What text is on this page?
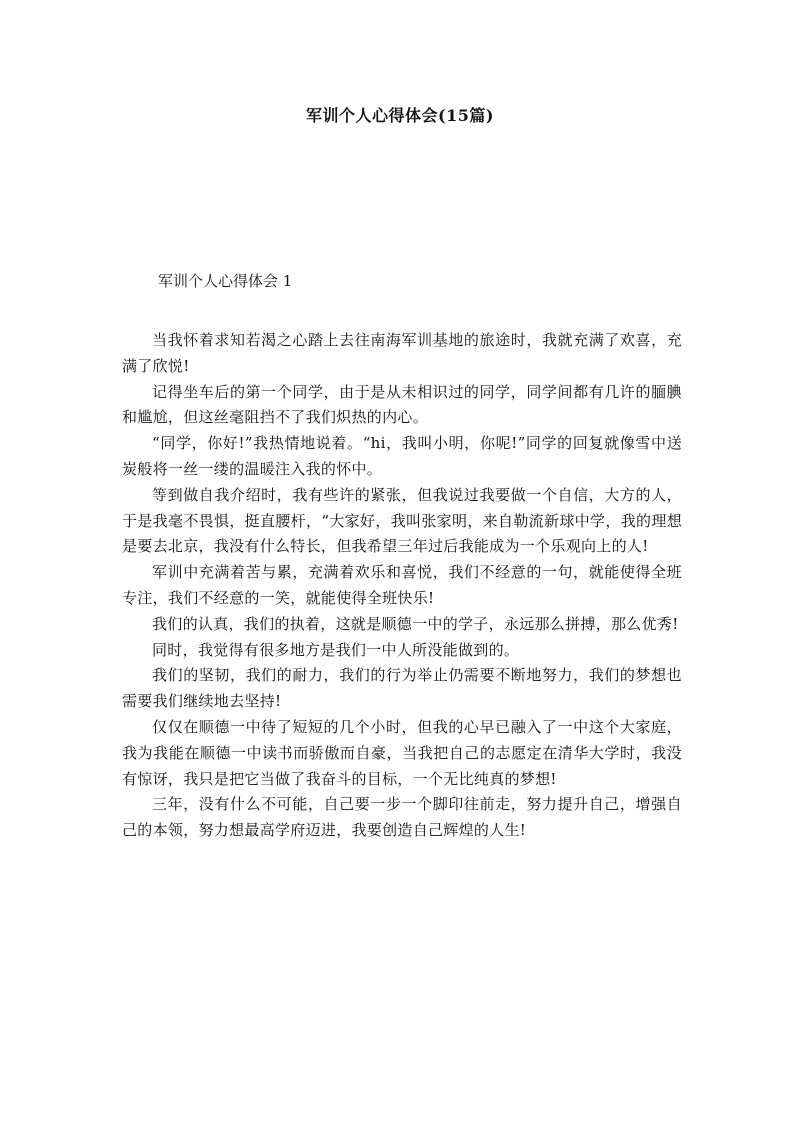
军训个人心得体会(15篇)
军训个人心得体会 1

当我怀着求知若渴之心踏上去往南海军训基地的旅途时，我就充满了欢喜，充满了欣悦!

记得坐车后的第一个同学，由于是从未相识过的同学，同学间都有几许的腼腆和尴尬，但这丝毫阻挡不了我们炽热的内心。

“同学，你好!”我热情地说着。“hi，我叫小明，你呢!”同学的回复就像雪中送炭般将一丝一缕的温暖注入我的怀中。

等到做自我介绍时，我有些许的紧张，但我说过我要做一个自信，大方的人，于是我毫不畏惧，挺直腰杆，“大家好，我叫张家明，来自勒流新球中学，我的理想是要去北京，我没有什么特长，但我希望三年过后我能成为一个乐观向上的人!

军训中充满着苦与累，充满着欢乐和喜悦，我们不经意的一句，就能使得全班专注，我们不经意的一笑，就能使得全班快乐!

我们的认真，我们的执着，这就是顺德一中的学子，永远那么拼搏，那么优秀!

同时，我觉得有很多地方是我们一中人所没能做到的。

我们的坚韧，我们的耐力，我们的行为举止仍需要不断地努力，我们的梦想也需要我们继续地去坚持!

仅仅在顺德一中待了短短的几个小时，但我的心早已融入了一中这个大家庭，我为我能在顺德一中读书而骄傲而自豪，当我把自己的志愿定在清华大学时，我没有惊讶，我只是把它当做了我奋斗的目标，一个无比纯真的梦想!

三年，没有什么不可能，自己要一步一个脚印往前走，努力提升自己，增强自己的本领，努力想最高学府迈进，我要创造自己辉煌的人生!
